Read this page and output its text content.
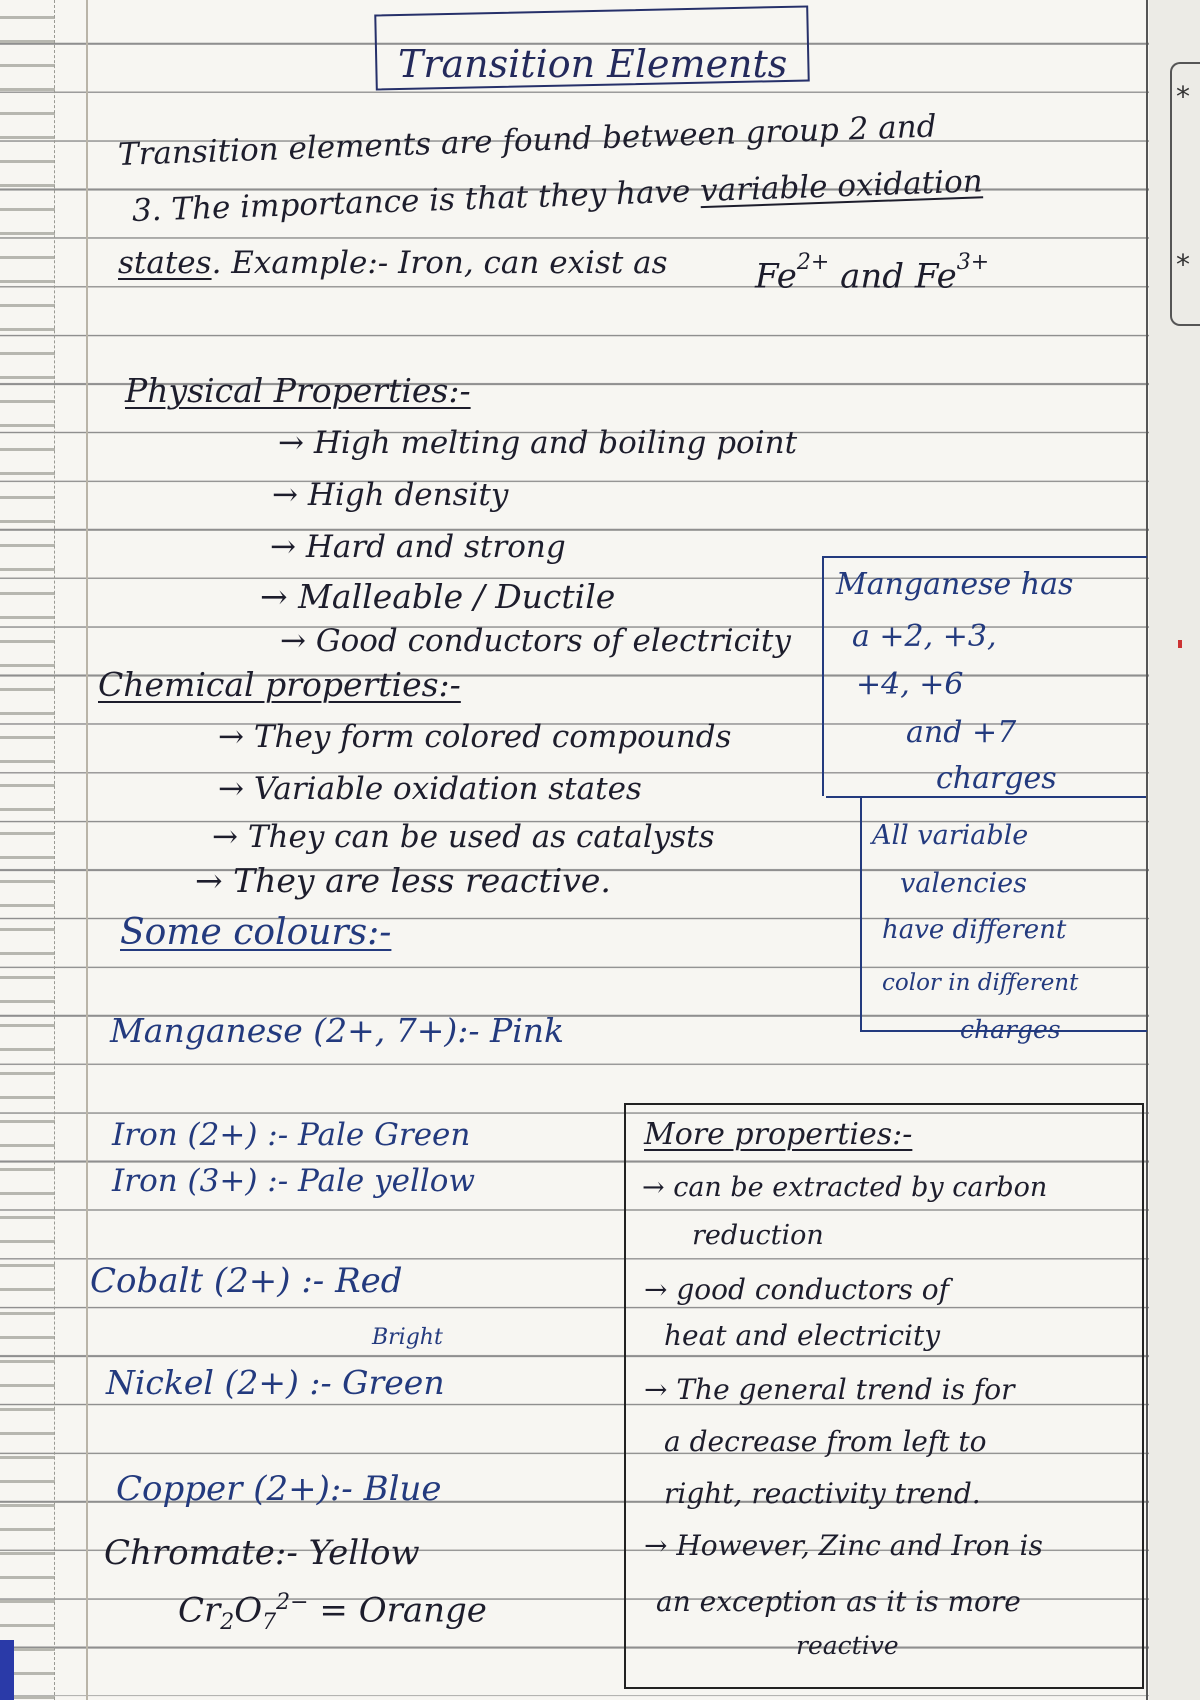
*
*
Transition Elements

Transition elements are found between group 2 and

3. The importance is that they have variable oxidation

states. Example:- Iron, can exist as	$Fe^{2+}$ and $Fe^{3+}$

Physical Properties:-

→ High melting and boiling point

→ High density

→ Hard and strong

→ Malleable / Ductile

→ Good conductors of electricity

Chemical properties:-

→ They form colored compounds

→ Variable oxidation states

→ They can be used as catalysts

→ They are less reactive.

Some colours:-

Manganese (2+, 7+):- Pink

Iron (2+) :- Pale Green

Iron (3+) :- Pale yellow

Cobalt (2+) :- Red

Bright

Nickel (2+) :- Green

Copper (2+):- Blue

Chromate:- Yellow

$Cr_2O_7^{2-}$ = Orange

Manganese has

a +2, +3,

+4, +6

and +7

charges

All variable

valencies

have different

color in different

charges

More properties:-

→ can be extracted by carbon

reduction

→ good conductors of

heat and electricity

→ The general trend is for

a decrease from left to

right, reactivity trend.

→ However, Zinc and Iron is

an exception as it is more

reactive
